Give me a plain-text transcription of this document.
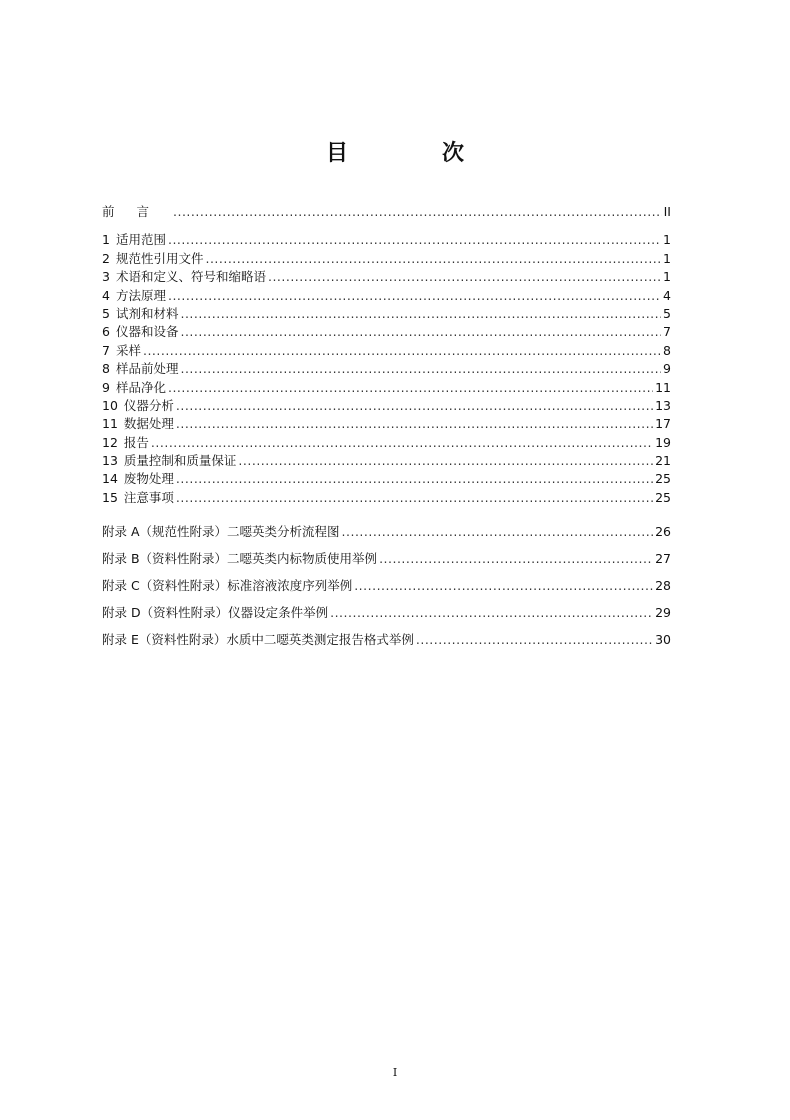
目　次
前言 .....	II
1 适用范围 .....	1
2 规范性引用文件 .....	1
3 术语和定义、符号和缩略语 .....	1
4 方法原理 .....	4
5 试剂和材料 .....	5
6 仪器和设备 .....	7
7 采样 .....	8
8 样品前处理 .....	9
9 样品净化 .....	11
10 仪器分析 .....	13
11 数据处理 .....	17
12 报告 .....	19
13 质量控制和质量保证 .....	21
14 废物处理 .....	25
15 注意事项 .....	25
附录 A（规范性附录）二噁英类分析流程图 .....	26
附录 B（资料性附录）二噁英类内标物质使用举例 .....	27
附录 C（资料性附录）标准溶液浓度序列举例 .....	28
附录 D（资料性附录）仪器设定条件举例 .....	29
附录 E（资料性附录）水质中二噁英类测定报告格式举例 .....	30
I
